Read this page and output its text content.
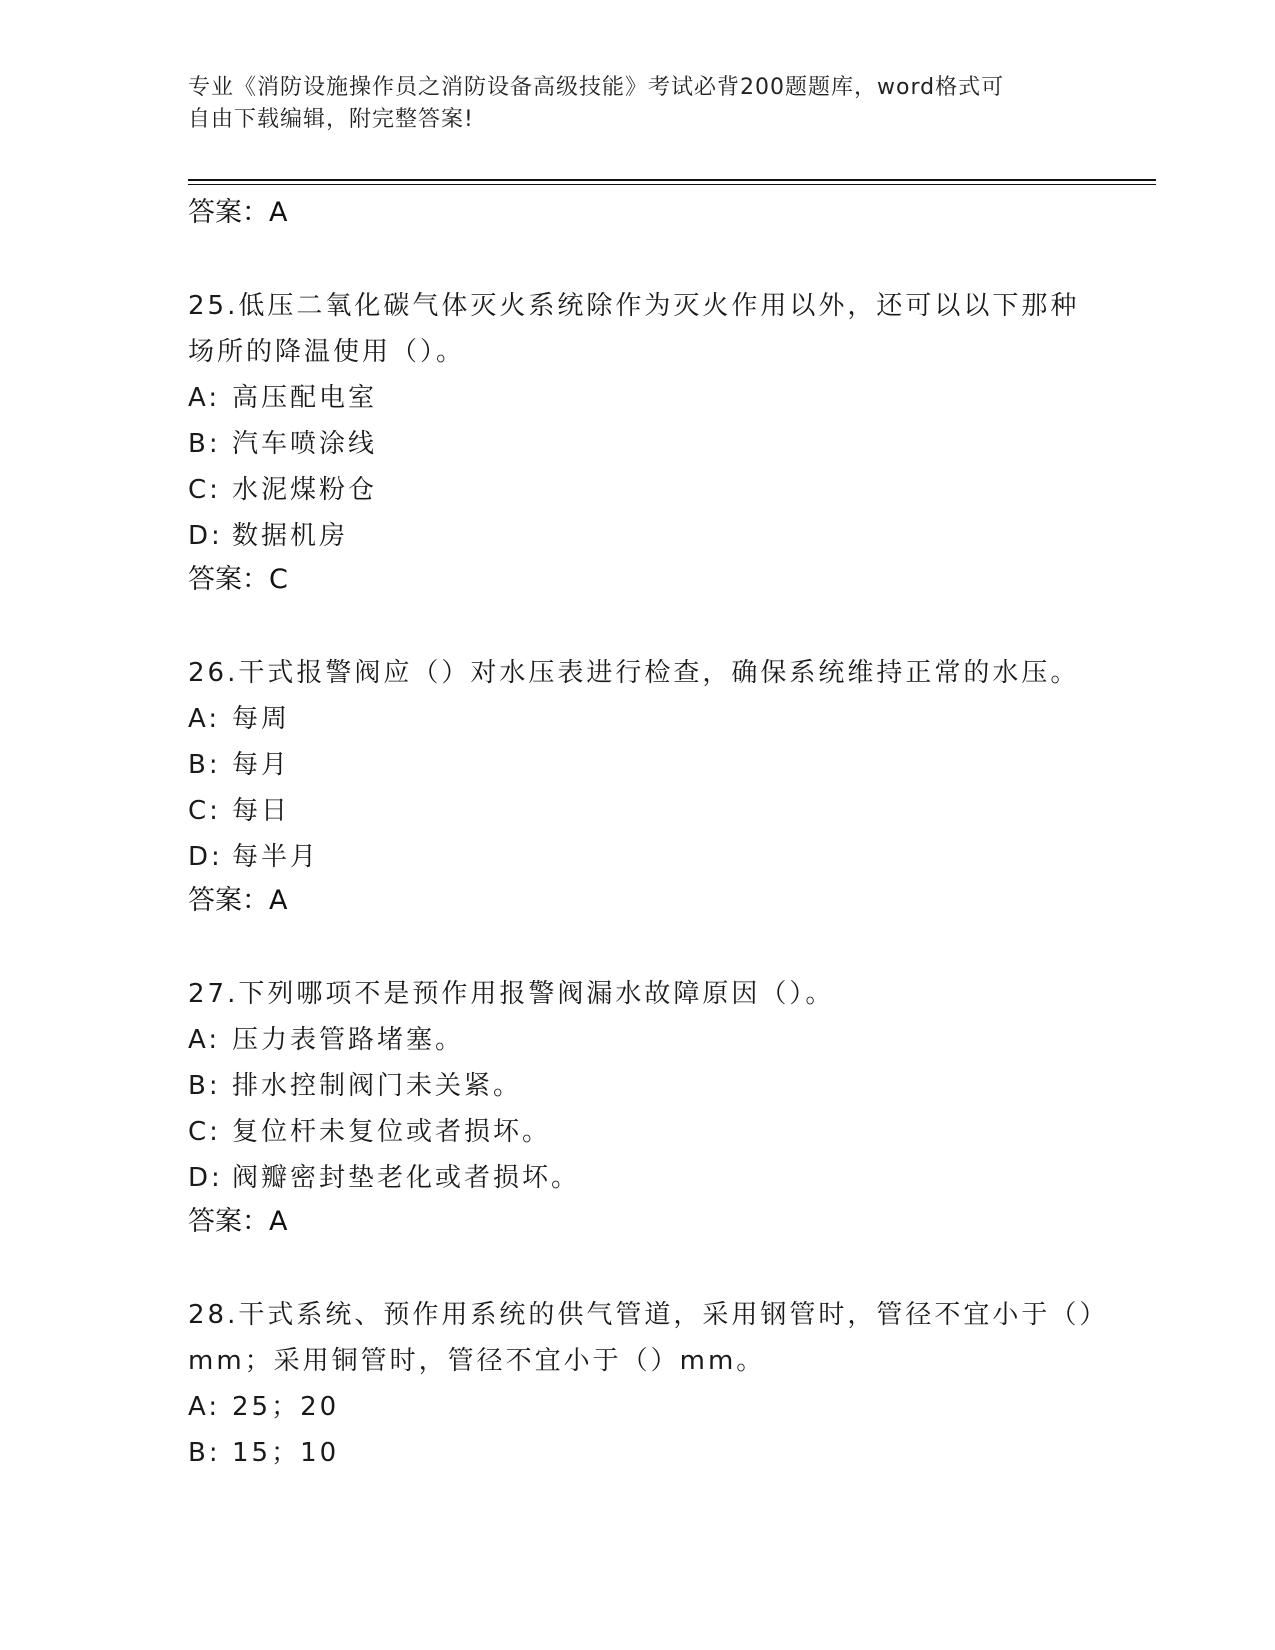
专业《消防设施操作员之消防设备高级技能》考试必背200题题库，word格式可
自由下载编辑，附完整答案!
答案：A
25.低压二氧化碳气体灭火系统除作为灭火作用以外，还可以以下那种场所的降温使用（）。
A: 高压配电室
B: 汽车喷涂线
C: 水泥煤粉仓
D: 数据机房
答案：C
26.干式报警阀应（）对水压表进行检查，确保系统维持正常的水压。
A: 每周
B: 每月
C: 每日
D: 每半月
答案：A
27.下列哪项不是预作用报警阀漏水故障原因（）。
A: 压力表管路堵塞。
B: 排水控制阀门未关紧。
C: 复位杆未复位或者损坏。
D: 阀瓣密封垫老化或者损坏。
答案：A
28.干式系统、预作用系统的供气管道，采用钢管时，管径不宜小于（）mm；采用铜管时，管径不宜小于（）mm。
A: 25；20
B: 15；10
